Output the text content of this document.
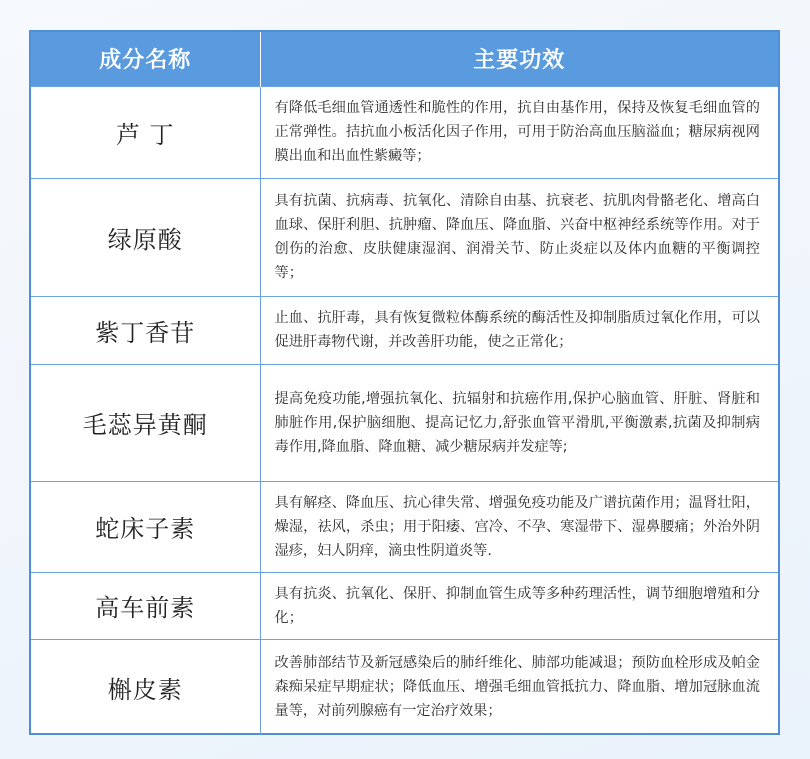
成分名称	主要功效
芦 丁	有降低毛细血管通透性和脆性的作用，抗自由基作用，保持及恢复毛细血管的正常弹性。拮抗血小板活化因子作用，可用于防治高血压脑溢血；糖尿病视网膜出血和出血性紫癜等；
绿原酸	具有抗菌、抗病毒、抗氧化、清除自由基、抗衰老、抗肌肉骨骼老化、增高白血球、保肝利胆、抗肿瘤、降血压、降血脂、兴奋中枢神经系统等作用。对于创伤的治愈、皮肤健康湿润、润滑关节、防止炎症以及体内血糖的平衡调控等；
紫丁香苷	止血、抗肝毒，具有恢复微粒体酶系统的酶活性及抑制脂质过氧化作用，可以促进肝毒物代谢，并改善肝功能，使之正常化；
毛蕊异黄酮	提高免疫功能,增强抗氧化、抗辐射和抗癌作用,保护心脑血管、肝脏、肾脏和肺脏作用,保护脑细胞、提高记忆力,舒张血管平滑肌,平衡激素,抗菌及抑制病毒作用,降血脂、降血糖、减少糖尿病并发症等;
蛇床子素	具有解痉、降血压、抗心律失常、增强免疫功能及广谱抗菌作用；温肾壮阳，燥湿，祛风，杀虫；用于阳痿、宫冷、不孕、寒湿带下、湿鼻腰痛；外治外阴湿疹，妇人阴痒，滴虫性阴道炎等.
高车前素	具有抗炎、抗氧化、保肝、抑制血管生成等多种药理活性，调节细胞增殖和分化；
槲皮素	改善肺部结节及新冠感染后的肺纤维化、肺部功能减退；预防血栓形成及帕金森痴呆症早期症状；降低血压、增强毛细血管抵抗力、降血脂、增加冠脉血流量等，对前列腺癌有一定治疗效果；
